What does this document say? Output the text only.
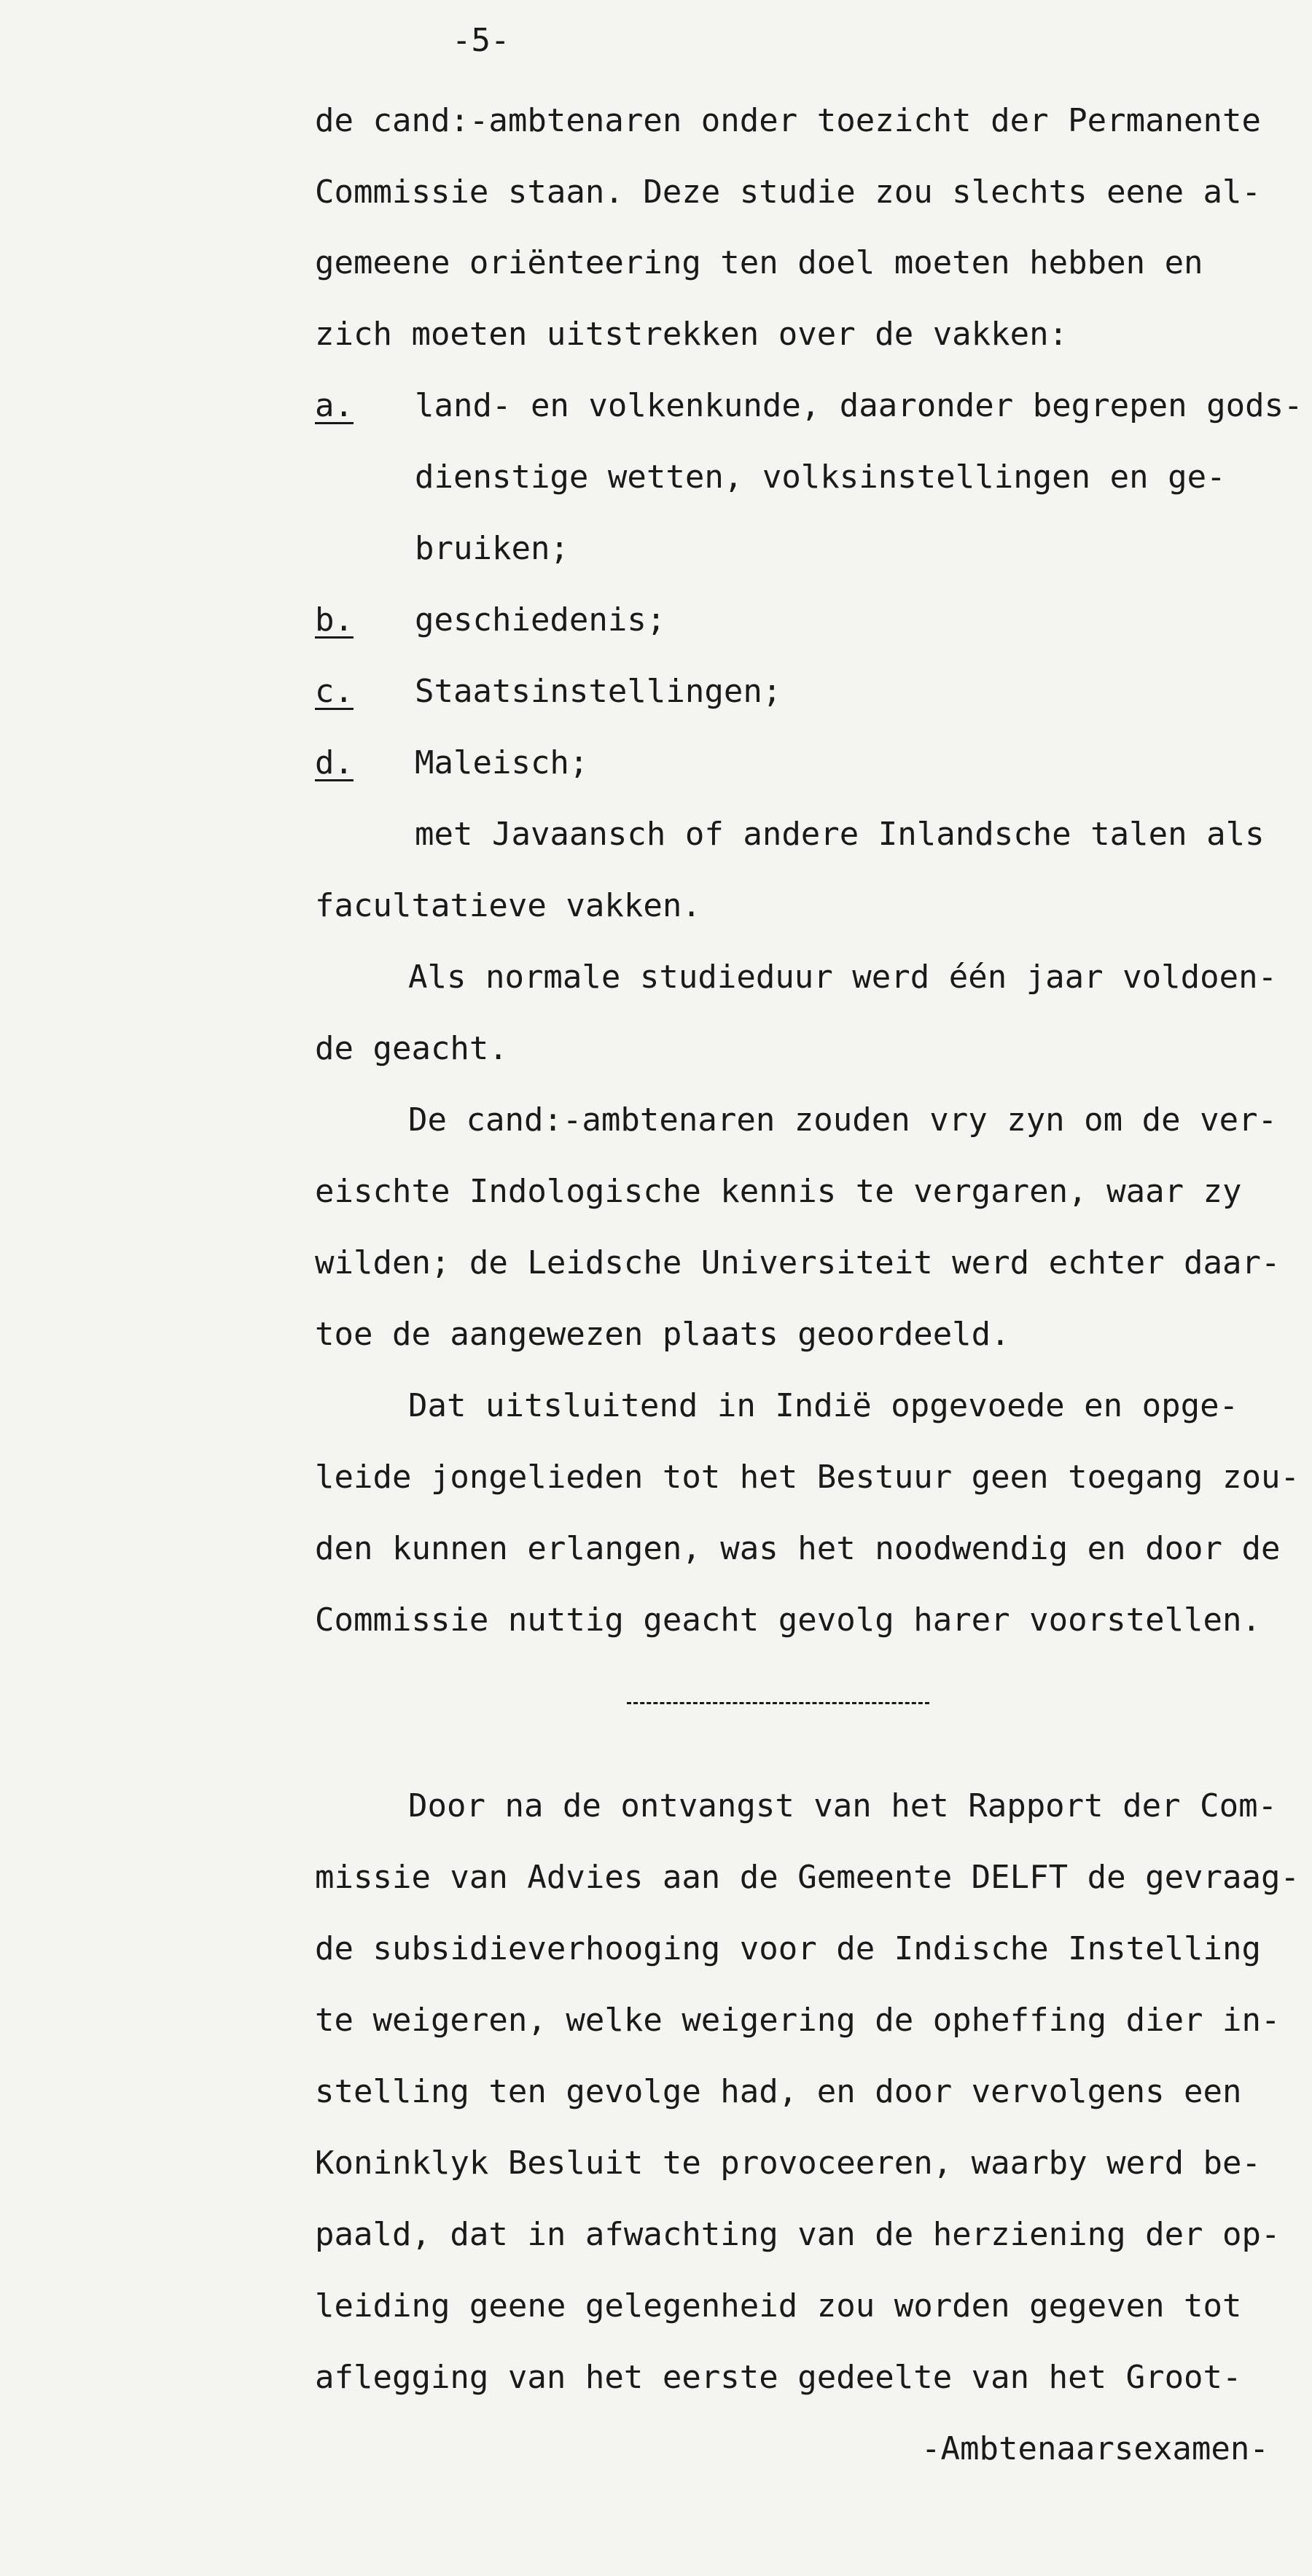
-5-
de cand:-ambtenaren onder toezicht der Permanente
Commissie staan. Deze studie zou slechts eene al-
gemeene oriënteering ten doel moeten hebben en
zich moeten uitstrekken over de vakken:
a. land- en volkenkunde, daaronder begrepen gods-
dienstige wetten, volksinstellingen en ge-
bruiken;
b. geschiedenis;
c. Staatsinstellingen;
d. Maleisch;
met Javaansch of andere Inlandsche talen als
facultatieve vakken.
Als normale studieduur werd één jaar voldoen-
de geacht.
De cand:-ambtenaren zouden vry zyn om de ver-
eischte Indologische kennis te vergaren, waar zy
wilden; de Leidsche Universiteit werd echter daar-
toe de aangewezen plaats geoordeeld.
Dat uitsluitend in Indië opgevoede en opge-
leide jongelieden tot het Bestuur geen toegang zou-
den kunnen erlangen, was het noodwendig en door de
Commissie nuttig geacht gevolg harer voorstellen.
Door na de ontvangst van het Rapport der Com-
missie van Advies aan de Gemeente DELFT de gevraag-
de subsidieverhooging voor de Indische Instelling
te weigeren, welke weigering de opheffing dier in-
stelling ten gevolge had, en door vervolgens een
Koninklyk Besluit te provoceeren, waarby werd be-
paald, dat in afwachting van de herziening der op-
leiding geene gelegenheid zou worden gegeven tot
aflegging van het eerste gedeelte van het Groot-
-Ambtenaarsexamen-
